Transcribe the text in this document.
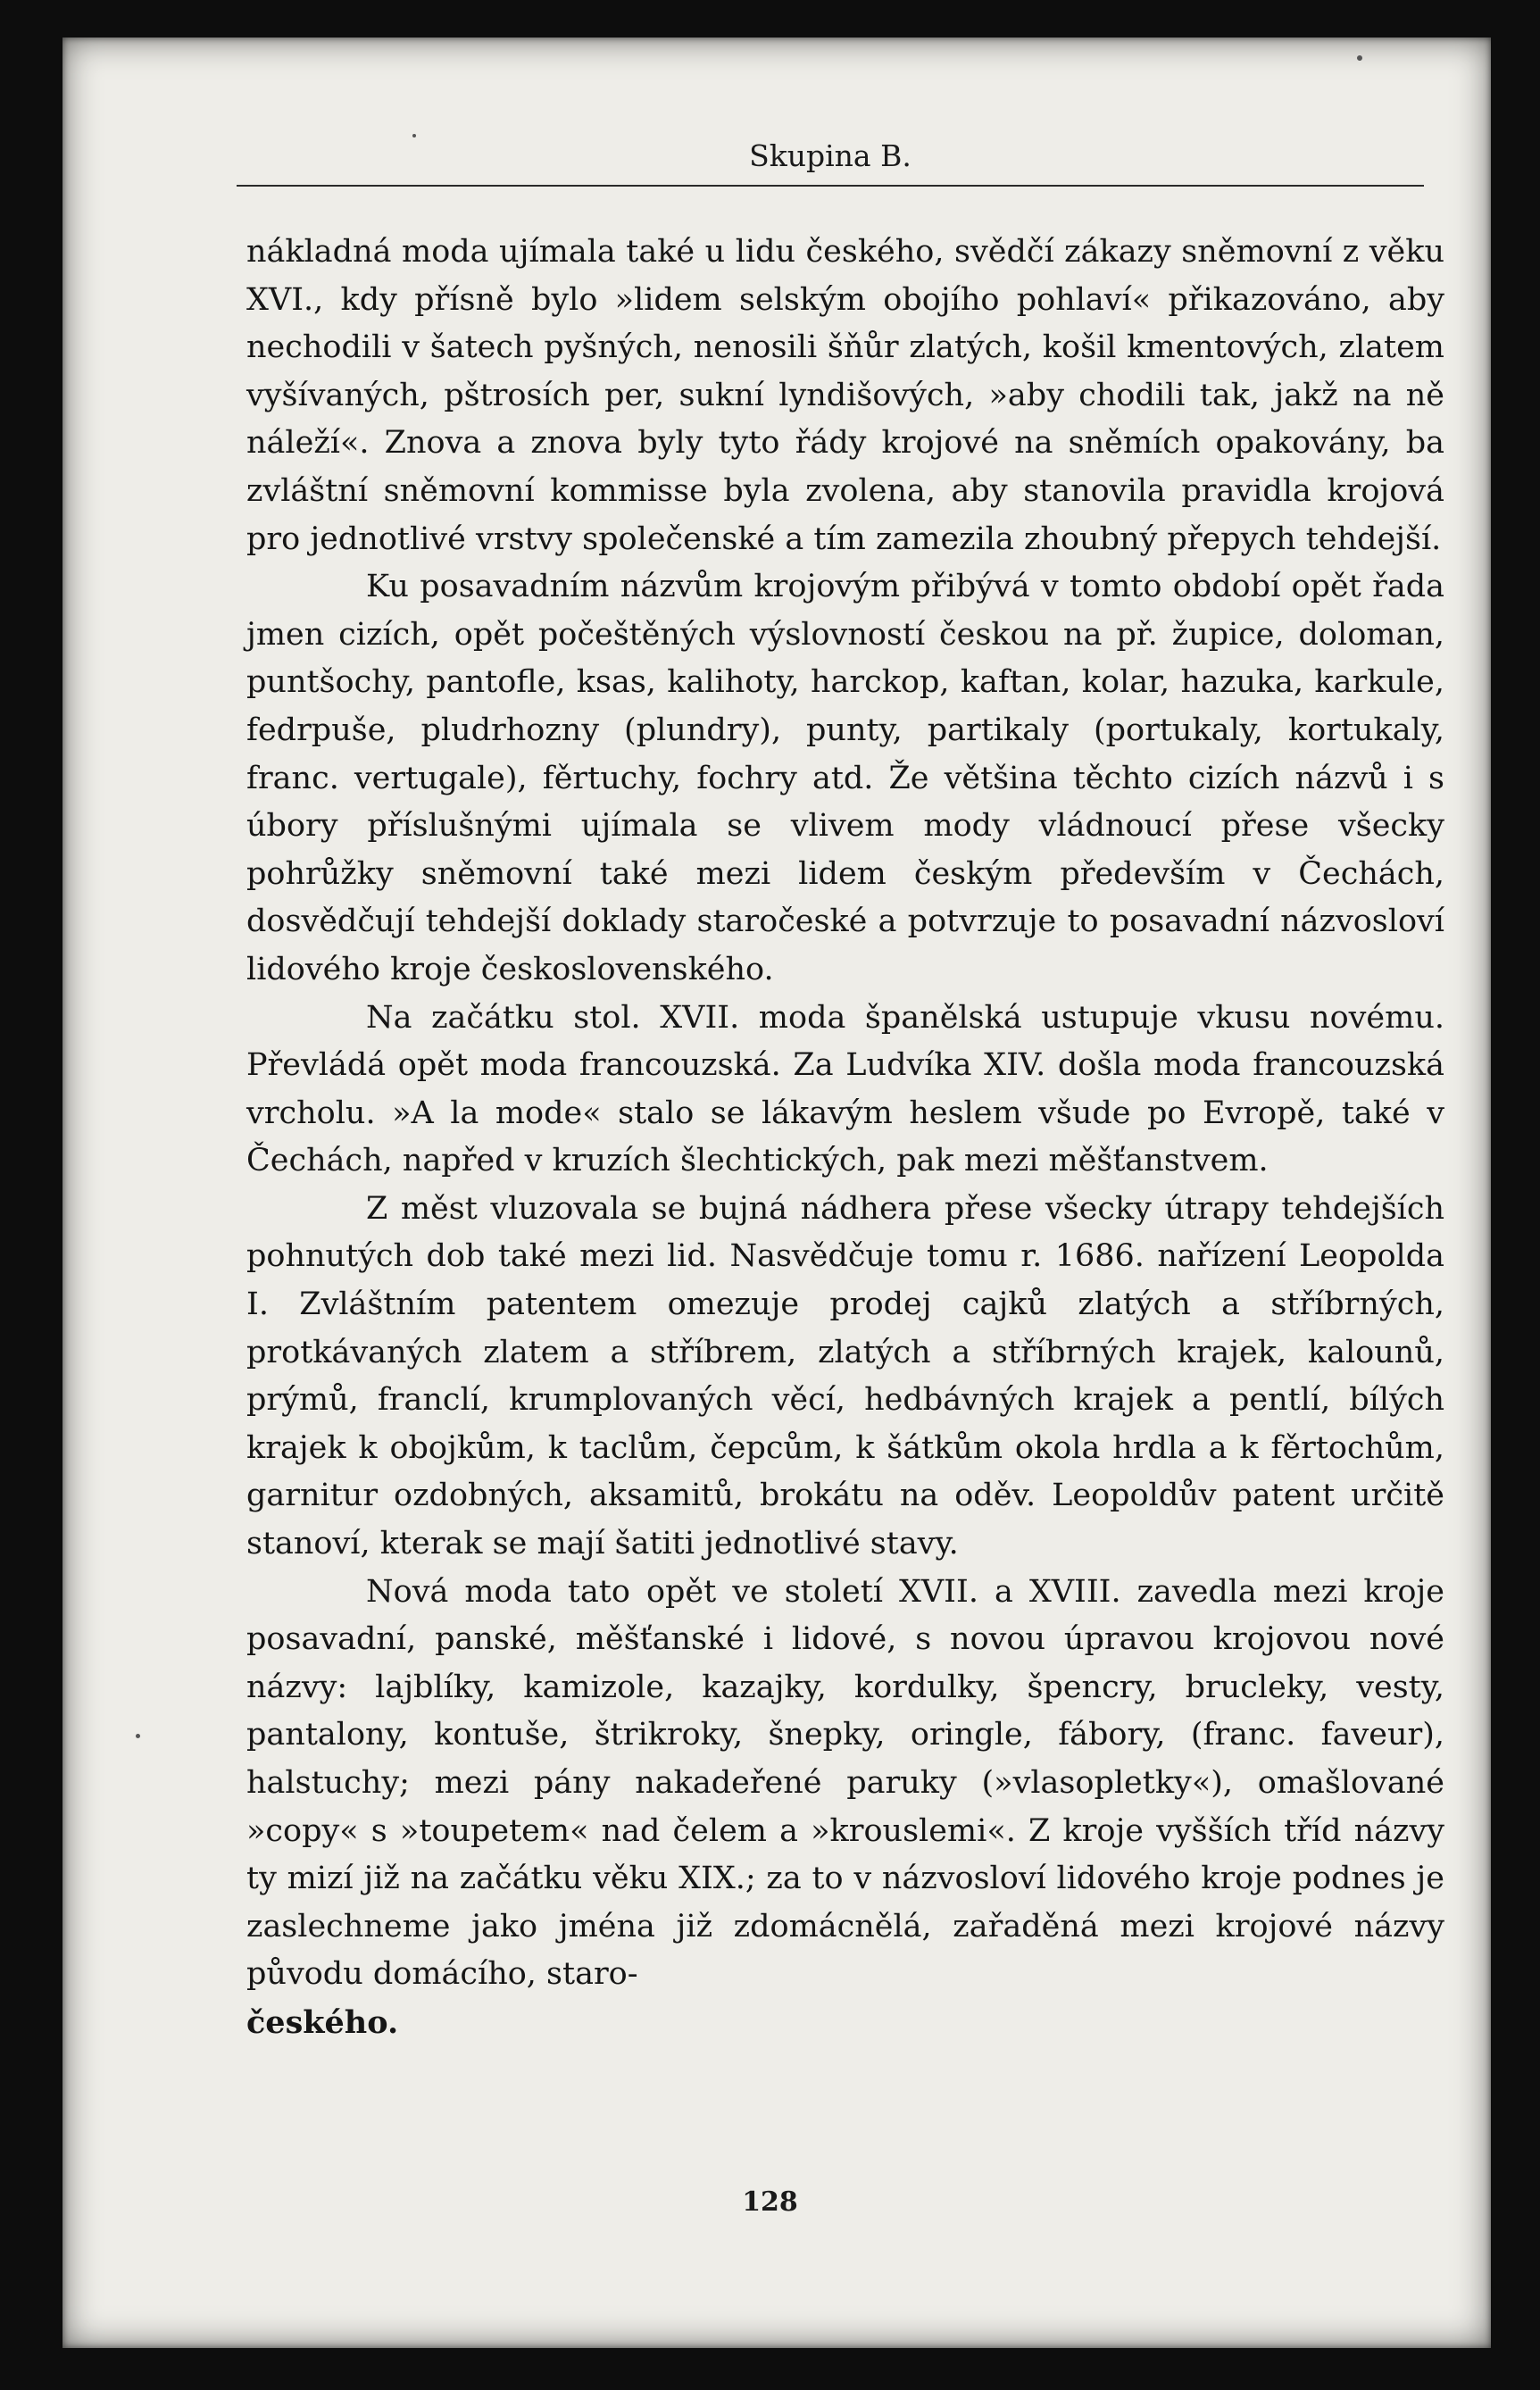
Skupina B.

nákladná moda ujímala také u lidu českého, svědčí zákazy sněmovní z věku XVI., kdy přísně bylo »lidem selským obojího pohlaví« přikazováno, aby nechodili v šatech pyšných, nenosili šňůr zlatých, košil kmentových, zlatem vyšívaných, pštrosích per, sukní lyndišových, »aby chodili tak, jakž na ně náleží«. Znova a znova byly tyto řády krojové na sněmích opakovány, ba zvláštní sněmovní kommisse byla zvolena, aby stanovila pravidla krojová pro jednotlivé vrstvy společenské a tím zamezila zhoubný přepych tehdejší.

Ku posavadním názvům krojovým přibývá v tomto období opět řada jmen cizích, opět počeštěných výslovností českou na př. župice, doloman, puntšochy, pantofle, ksas, kalihoty, harckop, kaftan, kolar, hazuka, karkule, fedrpuše, pludrhozny (plundry), punty, partikaly (portukaly, kortukaly, franc. vertugale), fěrtuchy, fochry atd. Že většina těchto cizích názvů i s úbory příslušnými ujímala se vlivem mody vládnoucí přese všecky pohrůžky sněmovní také mezi lidem českým především v Čechách, dosvědčují tehdejší doklady staročeské a potvrzuje to posavadní názvosloví lidového kroje československého.

Na začátku stol. XVII. moda španělská ustupuje vkusu novému. Převládá opět moda francouzská. Za Ludvíka XIV. došla moda francouzská vrcholu. »A la mode« stalo se lákavým heslem všude po Evropě, také v Čechách, napřed v kruzích šlechtických, pak mezi měšťanstvem.

Z měst vluzovala se bujná nádhera přese všecky útrapy tehdejších pohnutých dob také mezi lid. Nasvědčuje tomu r. 1686. nařízení Leopolda I. Zvláštním patentem omezuje prodej cajků zlatých a stříbrných, protkávaných zlatem a stříbrem, zlatých a stříbrných krajek, kalounů, prýmů, franclí, krumplovaných věcí, hedbávných krajek a pentlí, bílých krajek k obojkům, k taclům, čepcům, k šátkům okola hrdla a k fěrtochům, garnitur ozdobných, aksamitů, brokátu na oděv. Leopoldův patent určitě stanoví, kterak se mají šatiti jednotlivé stavy.

Nová moda tato opět ve století XVII. a XVIII. zavedla mezi kroje posavadní, panské, měšťanské i lidové, s novou úpravou krojovou nové názvy: lajblíky, kamizole, kazajky, kordulky, špencry, brucleky, vesty, pantalony, kontuše, štrikroky, šnepky, oringle, fábory, (franc. faveur), halstuchy; mezi pány nakadeřené paruky (»vlasopletky«), omašlované »copy« s »toupetem« nad čelem a »krouslemi«. Z kroje vyšších tříd názvy ty mizí již na začátku věku XIX.; za to v názvosloví lidového kroje podnes je zaslechneme jako jména již zdomácnělá, zařaděná mezi krojové názvy původu domácího, staro-
českého.

128
